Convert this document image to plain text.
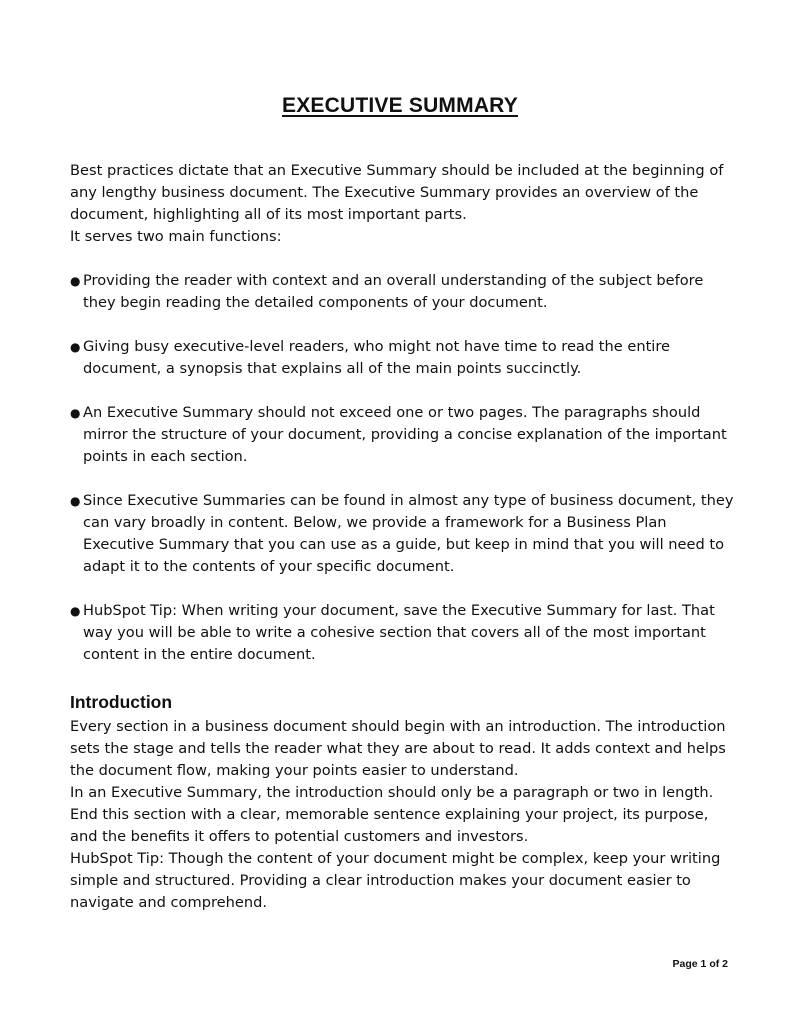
EXECUTIVE SUMMARY

Best practices dictate that an Executive Summary should be included at the beginning of any lengthy business document. The Executive Summary provides an overview of the document, highlighting all of its most important parts.

It serves two main functions:

● Providing the reader with context and an overall understanding of the subject before they begin reading the detailed components of your document.
● Giving busy executive-level readers, who might not have time to read the entire document, a synopsis that explains all of the main points succinctly.
● An Executive Summary should not exceed one or two pages. The paragraphs should mirror the structure of your document, providing a concise explanation of the important points in each section.
● Since Executive Summaries can be found in almost any type of business document, they can vary broadly in content. Below, we provide a framework for a Business Plan Executive Summary that you can use as a guide, but keep in mind that you will need to adapt it to the contents of your specific document.
● HubSpot Tip: When writing your document, save the Executive Summary for last. That way you will be able to write a cohesive section that covers all of the most important content in the entire document.
Introduction

Every section in a business document should begin with an introduction. The introduction sets the stage and tells the reader what they are about to read. It adds context and helps the document flow, making your points easier to understand.

In an Executive Summary, the introduction should only be a paragraph or two in length. End this section with a clear, memorable sentence explaining your project, its purpose, and the benefits it offers to potential customers and investors.

HubSpot Tip: Though the content of your document might be complex, keep your writing simple and structured. Providing a clear introduction makes your document easier to navigate and comprehend.

Page 1 of 2
